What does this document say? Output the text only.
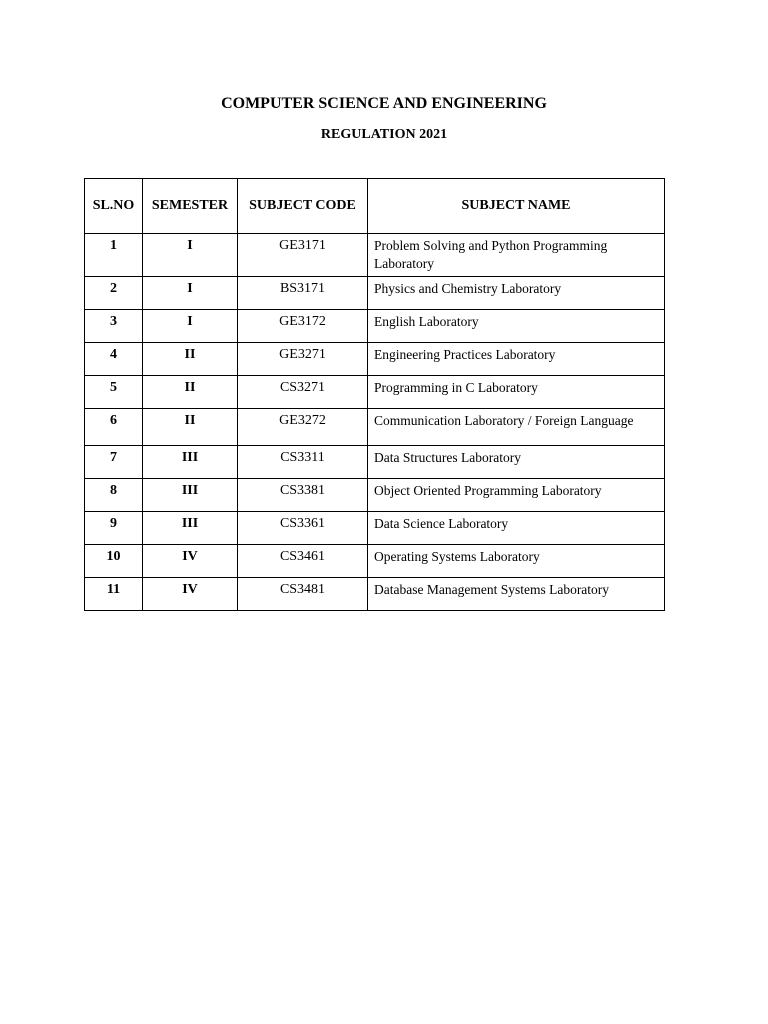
COMPUTER SCIENCE AND ENGINEERING
REGULATION 2021
SL.NO	SEMESTER	SUBJECT CODE	SUBJECT NAME
1	I	GE3171	Problem Solving and Python Programming Laboratory
2	I	BS3171	Physics and Chemistry Laboratory
3	I	GE3172	English Laboratory
4	II	GE3271	Engineering Practices Laboratory
5	II	CS3271	Programming in C Laboratory
6	II	GE3272	Communication Laboratory / Foreign Language
7	III	CS3311	Data Structures Laboratory
8	III	CS3381	Object Oriented Programming Laboratory
9	III	CS3361	Data Science Laboratory
10	IV	CS3461	Operating Systems Laboratory
11	IV	CS3481	Database Management Systems Laboratory
